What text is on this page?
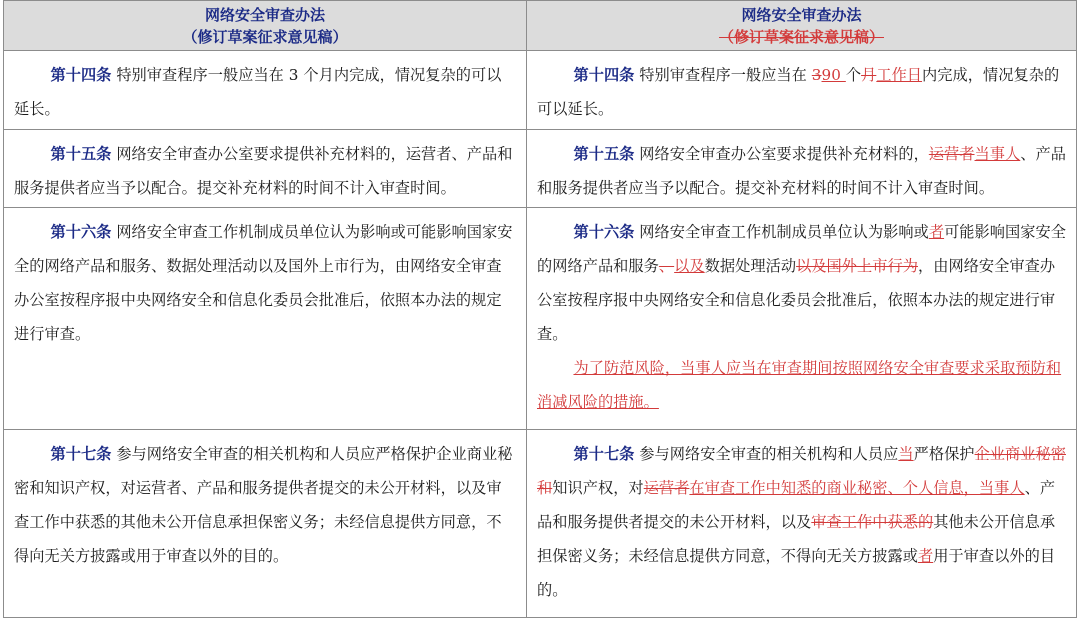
网络安全审查办法
（修订草案征求意见稿）
网络安全审查办法
（修订草案征求意见稿）

第十四条 特别审查程序一般应当在 3 个月内完成，情况复杂的可以延长。

第十四条 特别审查程序一般应当在 390 个月工作日内完成，情况复杂的可以延长。

第十五条 网络安全审查办公室要求提供补充材料的，运营者、产品和服务提供者应当予以配合。提交补充材料的时间不计入审查时间。

第十五条 网络安全审查办公室要求提供补充材料的，运营者当事人、产品和服务提供者应当予以配合。提交补充材料的时间不计入审查时间。

第十六条 网络安全审查工作机制成员单位认为影响或可能影响国家安全的网络产品和服务、数据处理活动以及国外上市行为，由网络安全审查办公室按程序报中央网络安全和信息化委员会批准后，依照本办法的规定进行审查。

第十六条 网络安全审查工作机制成员单位认为影响或者可能影响国家安全的网络产品和服务、以及数据处理活动以及国外上市行为，由网络安全审查办公室按程序报中央网络安全和信息化委员会批准后，依照本办法的规定进行审查。

为了防范风险，当事人应当在审查期间按照网络安全审查要求采取预防和消减风险的措施。

第十七条 参与网络安全审查的相关机构和人员应严格保护企业商业秘密和知识产权，对运营者、产品和服务提供者提交的未公开材料，以及审查工作中获悉的其他未公开信息承担保密义务；未经信息提供方同意，不得向无关方披露或用于审查以外的目的。

第十七条 参与网络安全审查的相关机构和人员应当严格保护企业商业秘密和知识产权，对运营者在审查工作中知悉的商业秘密、个人信息，当事人、产品和服务提供者提交的未公开材料，以及审查工作中获悉的其他未公开信息承担保密义务；未经信息提供方同意，不得向无关方披露或者用于审查以外的目的。
